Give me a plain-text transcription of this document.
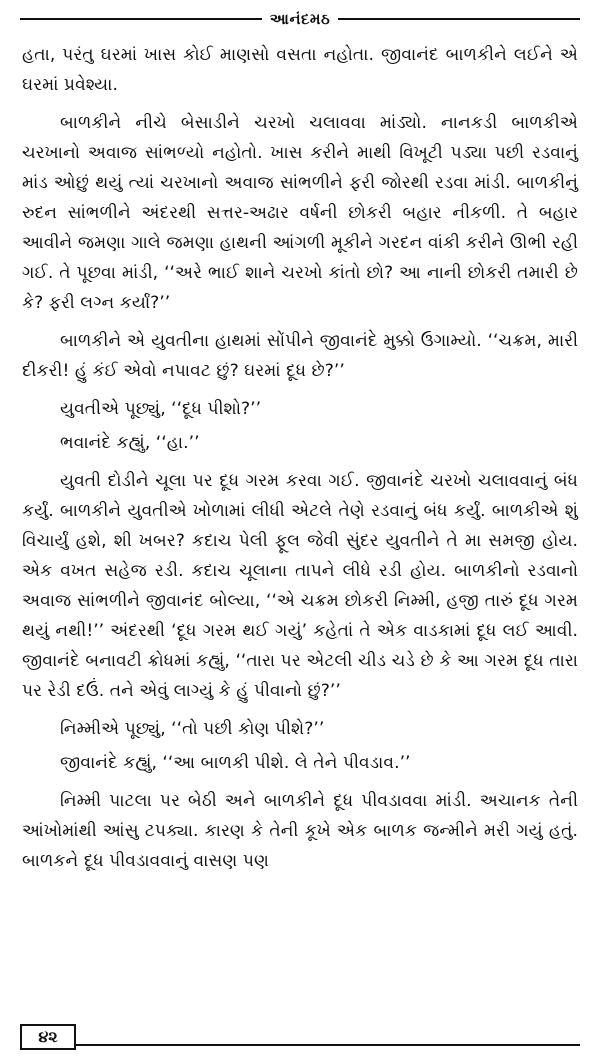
આનંદમઠ

હતા, પરંતુ ઘરમાં ખાસ કોઈ માણસો વસતા નહોતા. જીવાનંદ બાળકીને લઈને એ ઘરમાં પ્રવેશ્યા.

બાળકીને નીચે બેસાડીને ચરખો ચલાવવા માંડ્યો. નાનકડી બાળકીએ ચરખાનો અવાજ સાંભળ્યો નહોતો. ખાસ કરીને માથી વિખૂટી પડ્યા પછી રડવાનું માંડ ઓછું થયું ત્યાં ચરખાનો અવાજ સાંભળીને ફરી જોરથી રડવા માંડી. બાળકીનું રુદન સાંભળીને અંદરથી સત્તર-અઢાર વર્ષની છોકરી બહાર નીકળી. તે બહાર આવીને જમણા ગાલે જમણા હાથની આંગળી મૂકીને ગરદન વાંકી કરીને ઊભી રહી ગઈ. તે પૂછવા માંડી, ‘‘અરે ભાઈ શાને ચરખો કાંતો છો? આ નાની છોકરી તમારી છે કે? ફરી લગ્ન કર્યાં?’’

બાળકીને એ યુવતીના હાથમાં સોંપીને જીવાનંદે મુક્કો ઉગામ્યો. ‘‘ચક્રમ, મારી દીકરી! હું કંઈ એવો નપાવટ છું? ઘરમાં દૂધ છે?’’

યુવતીએ પૂછ્યું, ‘‘દૂધ પીશો?’’

ભવાનંદે કહ્યું, ‘‘હા.’’

યુવતી દોડીને ચૂલા પર દૂધ ગરમ કરવા ગઈ. જીવાનંદે ચરખો ચલાવવાનું બંધ કર્યું. બાળકીને યુવતીએ ખોળામાં લીધી એટલે તેણે રડવાનું બંધ કર્યું. બાળકીએ શું વિચાર્યું હશે, શી ખબર? કદાચ પેલી ફૂલ જેવી સુંદર યુવતીને તે મા સમજી હોય. એક વખત સહેજ રડી. કદાચ ચૂલાના તાપને લીધે રડી હોય. બાળકીનો રડવાનો અવાજ સાંભળીને જીવાનંદ બોલ્યા, ‘‘એ ચક્રમ છોકરી નિમ્મી, હજી તારું દૂધ ગરમ થયું નથી!’’ અંદરથી ‘દૂધ ગરમ થઈ ગયું’ કહેતાં તે એક વાડકામાં દૂધ લઈ આવી. જીવાનંદે બનાવટી ક્રોધમાં કહ્યું, ‘‘તારા પર એટલી ચીડ ચડે છે કે આ ગરમ દૂધ તારા પર રેડી દઉં. તને એવું લાગ્યું કે હું પીવાનો છું?’’

નિમ્મીએ પૂછ્યું, ‘‘તો પછી કોણ પીશે?’’

જીવાનંદે કહ્યું, ‘‘આ બાળકી પીશે. લે તેને પીવડાવ.’’

નિમ્મી પાટલા પર બેઠી અને બાળકીને દૂધ પીવડાવવા માંડી. અચાનક તેની આંખોમાંથી આંસુ ટપક્યા. કારણ કે તેની કૂખે એક બાળક જન્મીને મરી ગયું હતું. બાળકને દૂધ પીવડાવવાનું વાસણ પણ

૪૨
